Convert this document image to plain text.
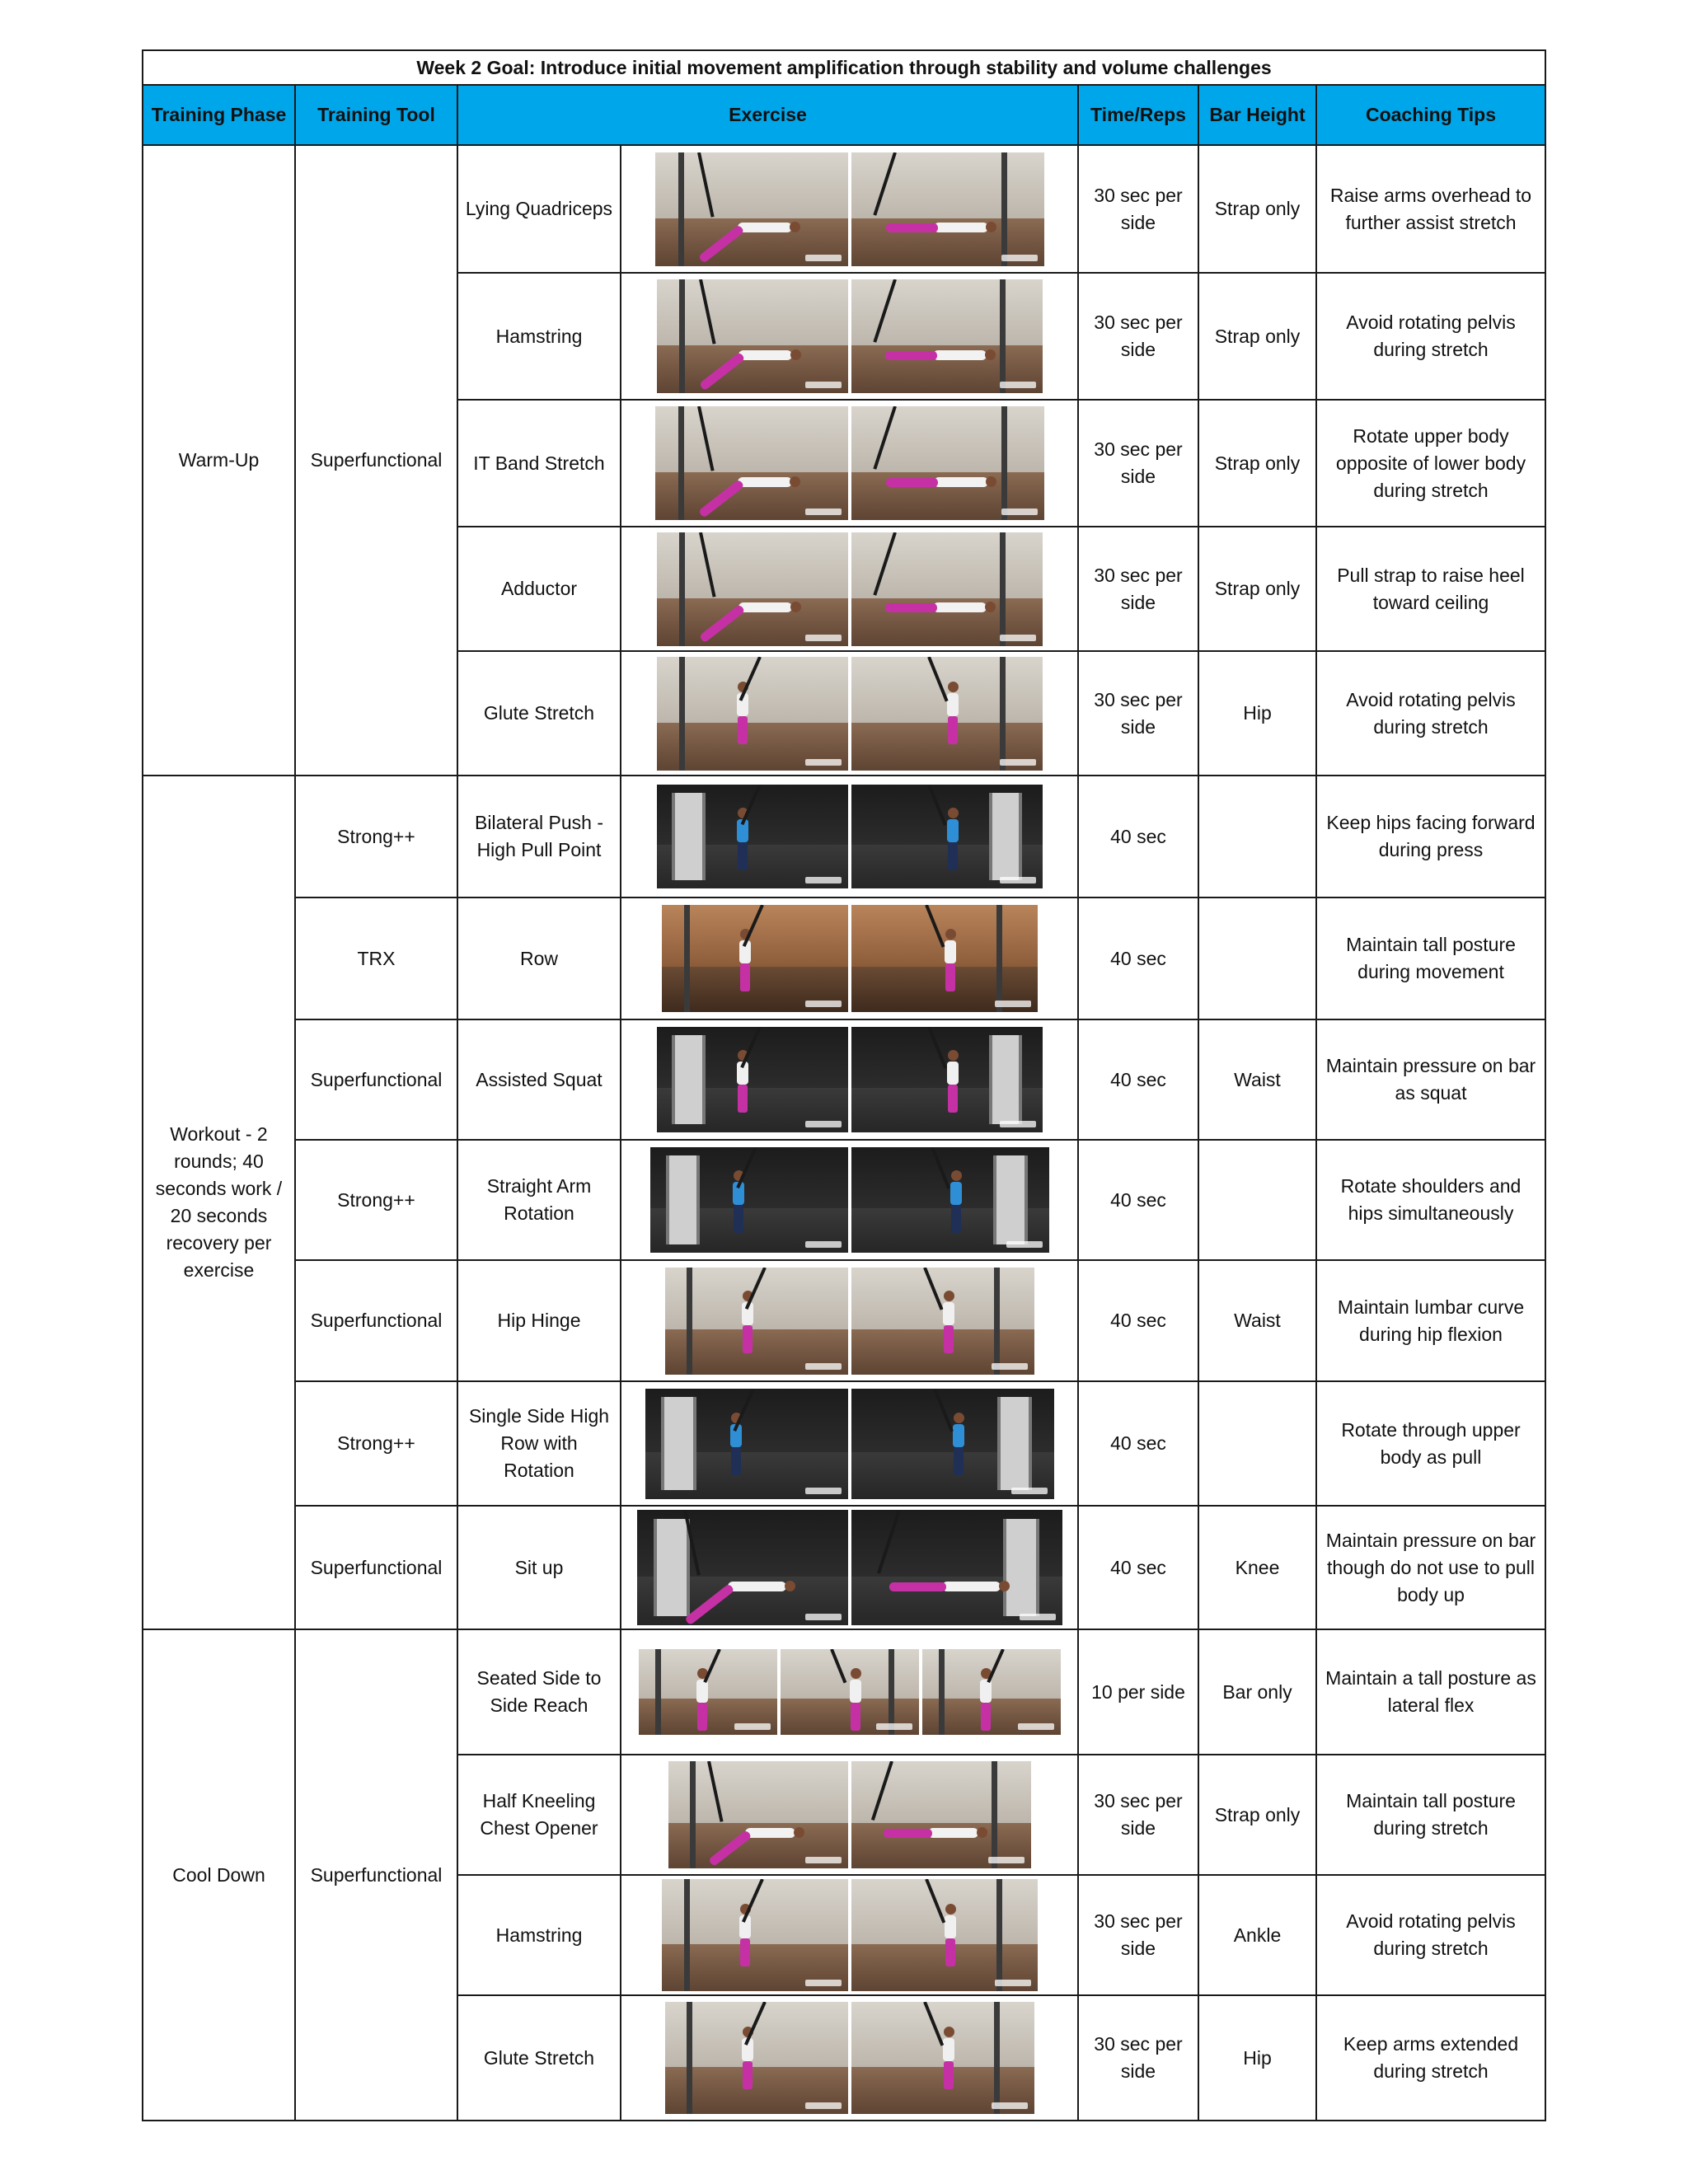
Week 2 Goal: Introduce initial movement amplification through stability and volume challenges						
Training Phase	Training Tool	Exercise		Time/Reps	Bar Height	Coaching Tips
Warm-Up	Superfunctional	Lying Quadriceps		30 sec per side	Strap only	Raise arms overhead to further assist stretch
		Hamstring		30 sec per side	Strap only	Avoid rotating pelvis during stretch
		IT Band Stretch		30 sec per side	Strap only	Rotate upper body opposite of lower body during stretch
		Adductor		30 sec per side	Strap only	Pull strap to raise heel toward ceiling
		Glute Stretch		30 sec per side	Hip	Avoid rotating pelvis during stretch
Workout - 2 rounds; 40 seconds work / 20 seconds recovery per exercise	Strong++	Bilateral Push - High Pull Point		40 sec		Keep hips facing forward during press
	TRX	Row		40 sec		Maintain tall posture during movement
	Superfunctional	Assisted Squat		40 sec	Waist	Maintain pressure on bar as squat
	Strong++	Straight Arm Rotation		40 sec		Rotate shoulders and hips simultaneously
	Superfunctional	Hip Hinge		40 sec	Waist	Maintain lumbar curve during hip flexion
	Strong++	Single Side High Row with Rotation		40 sec		Rotate through upper body as pull
	Superfunctional	Sit up		40 sec	Knee	Maintain pressure on bar though do not use to pull body up
Cool Down	Superfunctional	Seated Side to Side Reach		10 per side	Bar only	Maintain a tall posture as lateral flex
		Half Kneeling Chest Opener		30 sec per side	Strap only	Maintain tall posture during stretch
		Hamstring		30 sec per side	Ankle	Avoid rotating pelvis during stretch
		Glute Stretch		30 sec per side	Hip	Keep arms extended during stretch
